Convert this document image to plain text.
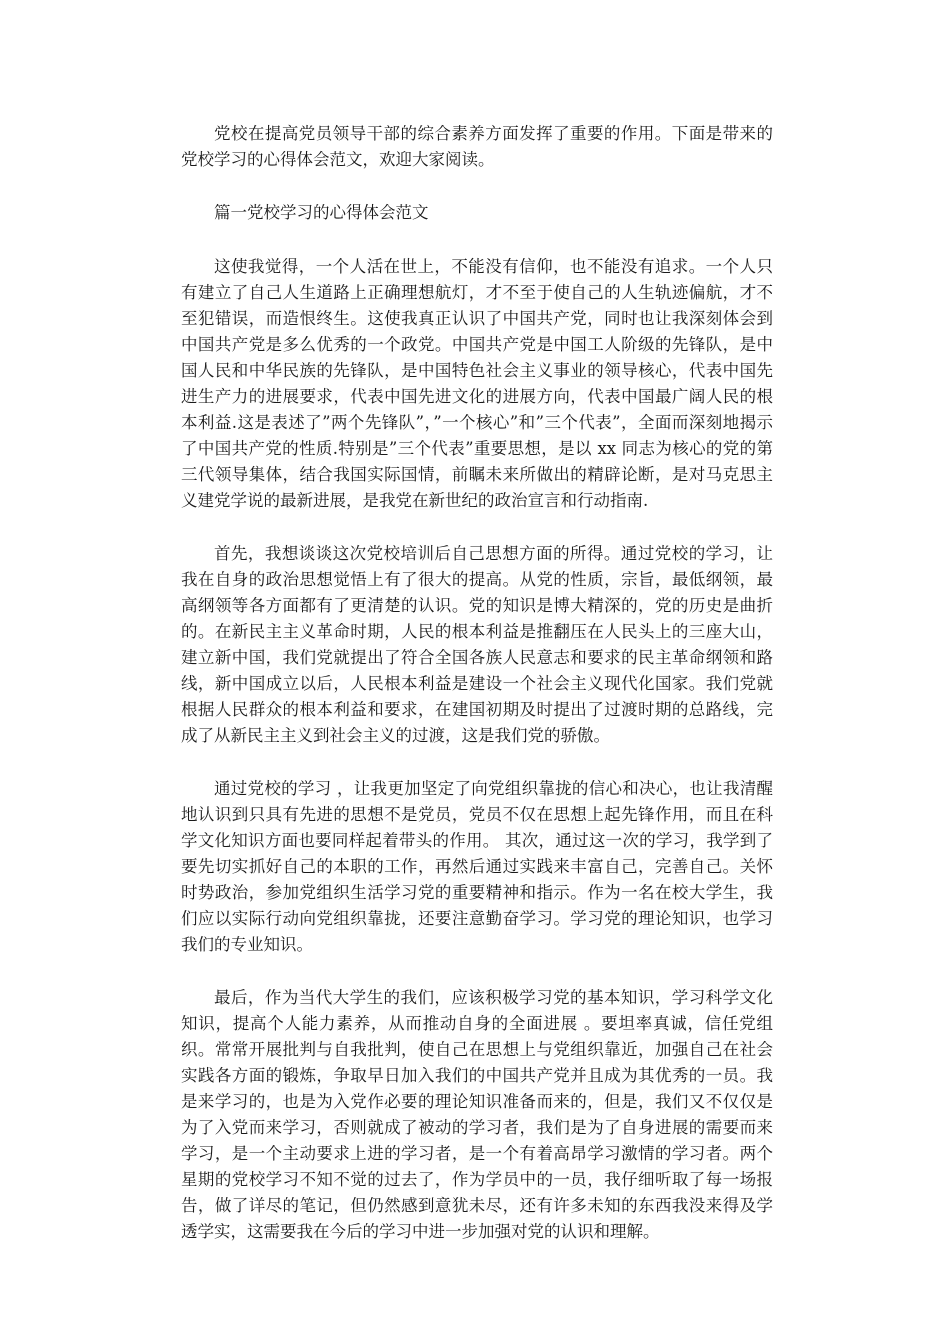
党校在提高党员领导干部的综合素养方面发挥了重要的作用。下面是带来的党校学习的心得体会范文，欢迎大家阅读。

篇一党校学习的心得体会范文

这使我觉得，一个人活在世上，不能没有信仰，也不能没有追求。一个人只有建立了自己人生道路上正确理想航灯，才不至于使自己的人生轨迹偏航，才不至犯错误，而造恨终生。这使我真正认识了中国共产党，同时也让我深刻体会到中国共产党是多么优秀的一个政党。中国共产党是中国工人阶级的先锋队，是中国人民和中华民族的先锋队，是中国特色社会主义事业的领导核心，代表中国先进生产力的进展要求，代表中国先进文化的进展方向，代表中国最广阔人民的根本利益.这是表述了”两个先锋队”，”一个核心”和”三个代表”，全面而深刻地揭示了中国共产党的性质.特别是”三个代表”重要思想，是以 xx 同志为核心的党的第三代领导集体，结合我国实际国情，前瞩未来所做出的精辟论断，是对马克思主义建党学说的最新进展，是我党在新世纪的政治宣言和行动指南.

首先，我想谈谈这次党校培训后自己思想方面的所得。通过党校的学习，让我在自身的政治思想觉悟上有了很大的提高。从党的性质，宗旨，最低纲领，最高纲领等各方面都有了更清楚的认识。党的知识是博大精深的，党的历史是曲折的。在新民主主义革命时期，人民的根本利益是推翻压在人民头上的三座大山，建立新中国，我们党就提出了符合全国各族人民意志和要求的民主革命纲领和路线，新中国成立以后，人民根本利益是建设一个社会主义现代化国家。我们党就根据人民群众的根本利益和要求，在建国初期及时提出了过渡时期的总路线，完成了从新民主主义到社会主义的过渡，这是我们党的骄傲。

通过党校的学习 ，让我更加坚定了向党组织靠拢的信心和决心，也让我清醒地认识到只具有先进的思想不是党员，党员不仅在思想上起先锋作用，而且在科学文化知识方面也要同样起着带头的作用。 其次，通过这一次的学习，我学到了要先切实抓好自己的本职的工作，再然后通过实践来丰富自己，完善自己。关怀时势政治，参加党组织生活学习党的重要精神和指示。作为一名在校大学生，我们应以实际行动向党组织靠拢，还要注意勤奋学习。学习党的理论知识，也学习我们的专业知识。

最后，作为当代大学生的我们，应该积极学习党的基本知识，学习科学文化知识，提高个人能力素养，从而推动自身的全面进展 。要坦率真诚，信任党组织。常常开展批判与自我批判，使自己在思想上与党组织靠近，加强自己在社会实践各方面的锻炼，争取早日加入我们的中国共产党并且成为其优秀的一员。我是来学习的，也是为入党作必要的理论知识准备而来的，但是，我们又不仅仅是为了入党而来学习，否则就成了被动的学习者，我们是为了自身进展的需要而来学习，是一个主动要求上进的学习者，是一个有着高昂学习激情的学习者。两个星期的党校学习不知不觉的过去了，作为学员中的一员，我仔细听取了每一场报告，做了详尽的笔记，但仍然感到意犹未尽，还有许多未知的东西我没来得及学透学实，这需要我在今后的学习中进一步加强对党的认识和理解。
